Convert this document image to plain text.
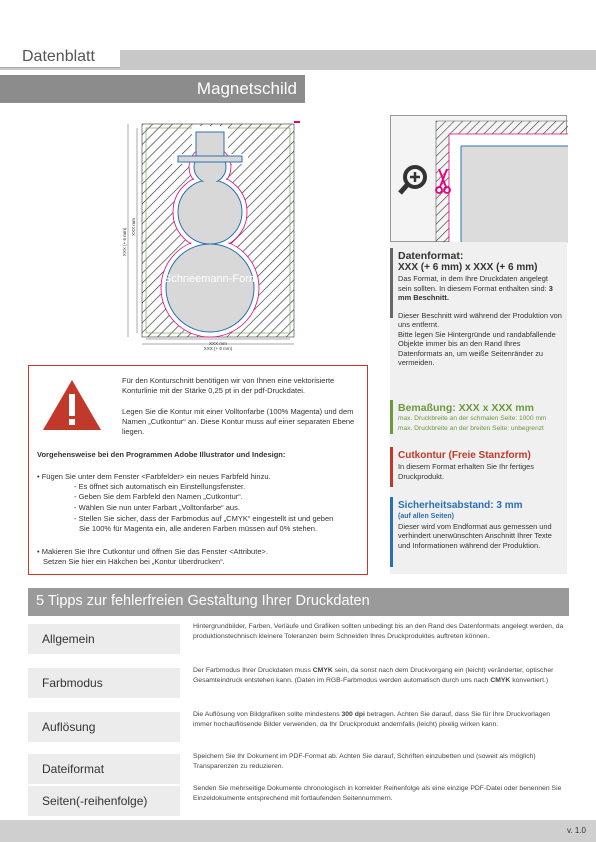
Datenblatt
Magnetschild
Schneemann-Form
XXX (+ 6 mm)
XXX mm
XXX mm
XXX (+ 6 mm)
Datenformat:
XXX (+ 6 mm) x XXX (+ 6 mm)
Das Format, in dem Ihre Druckdaten angelegt sein sollten. In diesem Format enthalten sind: 3 mm Beschnitt.
Dieser Beschnitt wird während der Produktion von uns entfernt.
Bitte legen Sie Hintergründe und randabfallende Objekte immer bis an den Rand Ihres Datenformats an, um weiße Seitenränder zu vermeiden.
Bemaßung: XXX x XXX mm
max. Druckbreite an der schmalen Seite: 1000 mm
max. Druckbreite an der breiten Seite: unbegrenzt
Cutkontur (Freie Stanzform)
In diesem Format erhalten Sie Ihr fertiges Druckprodukt.
Sicherheitsabstand: 3 mm
(auf allen Seiten)
Dieser wird vom Endformat aus gemessen und verhindert unerwünschten Anschnitt Ihrer Texte und Informationen während der Produktion.
Für den Konturschnitt benötigen wir von Ihnen eine vektorisierte Konturlinie mit der Stärke 0,25 pt in der pdf-Druckdatei.
Legen Sie die Kontur mit einer Volltonfarbe (100% Magenta) und dem Namen „Cutkontur“ an. Diese Kontur muss auf einer separaten Ebene liegen.
Vorgehensweise bei den Programmen Adobe Illustrator und Indesign:
• Fügen Sie unter dem Fenster <Farbfelder> ein neues Farbfeld hinzu.
- Es öffnet sich automatisch ein Einstellungsfenster.
- Geben Sie dem Farbfeld den Namen „Cutkontur“.
- Wählen Sie nun unter Farbart „Volltonfarbe“ aus.
- Stellen Sie sicher, dass der Farbmodus auf „CMYK“ eingestellt ist und geben
Sie 100% für Magenta ein, alle anderen Farben müssen auf 0% stehen.
• Makieren Sie Ihre Cutkontur und öffnen Sie das Fenster <Attribute>.
Setzen Sie hier ein Häkchen bei „Kontur überdrucken“.
5 Tipps zur fehlerfreien Gestaltung Ihrer Druckdaten
Allgemein
Hintergrundbilder, Farben, Verläufe und Grafiken sollten unbedingt bis an den Rand des Datenformats angelegt werden, da produktionstechnisch kleinere Toleranzen beim Schneiden Ihres Druckproduktes auftreten können.
Farbmodus
Der Farbmodus Ihrer Druckdaten muss CMYK sein, da sonst nach dem Druckvorgang ein (leicht) veränderter, optischer Gesamteindruck entstehen kann. (Daten im RGB-Farbmodus werden automatisch durch uns nach CMYK konvertiert.)
Auflösung
Die Auflösung von Bildgrafiken sollte mindestens 300 dpi betragen. Achten Sie darauf, dass Sie für Ihre Druckvorlagen immer hochauflösende Bilder verwenden, da Ihr Druckprodukt andernfalls (leicht) pixelig wirken kann.
Dateiformat
Speichern Sie Ihr Dokument im PDF-Format ab. Achten Sie darauf, Schriften einzubetten und (soweit als möglich) Transparenzen zu reduzieren.
Seiten(-reihenfolge)
Senden Sie mehrseitige Dokumente chronologisch in korrekter Reihenfolge als eine einzige PDF-Datei oder benennen Sie Einzeldokumente entsprechend mit fortlaufenden Seitennummern.
v. 1.0
